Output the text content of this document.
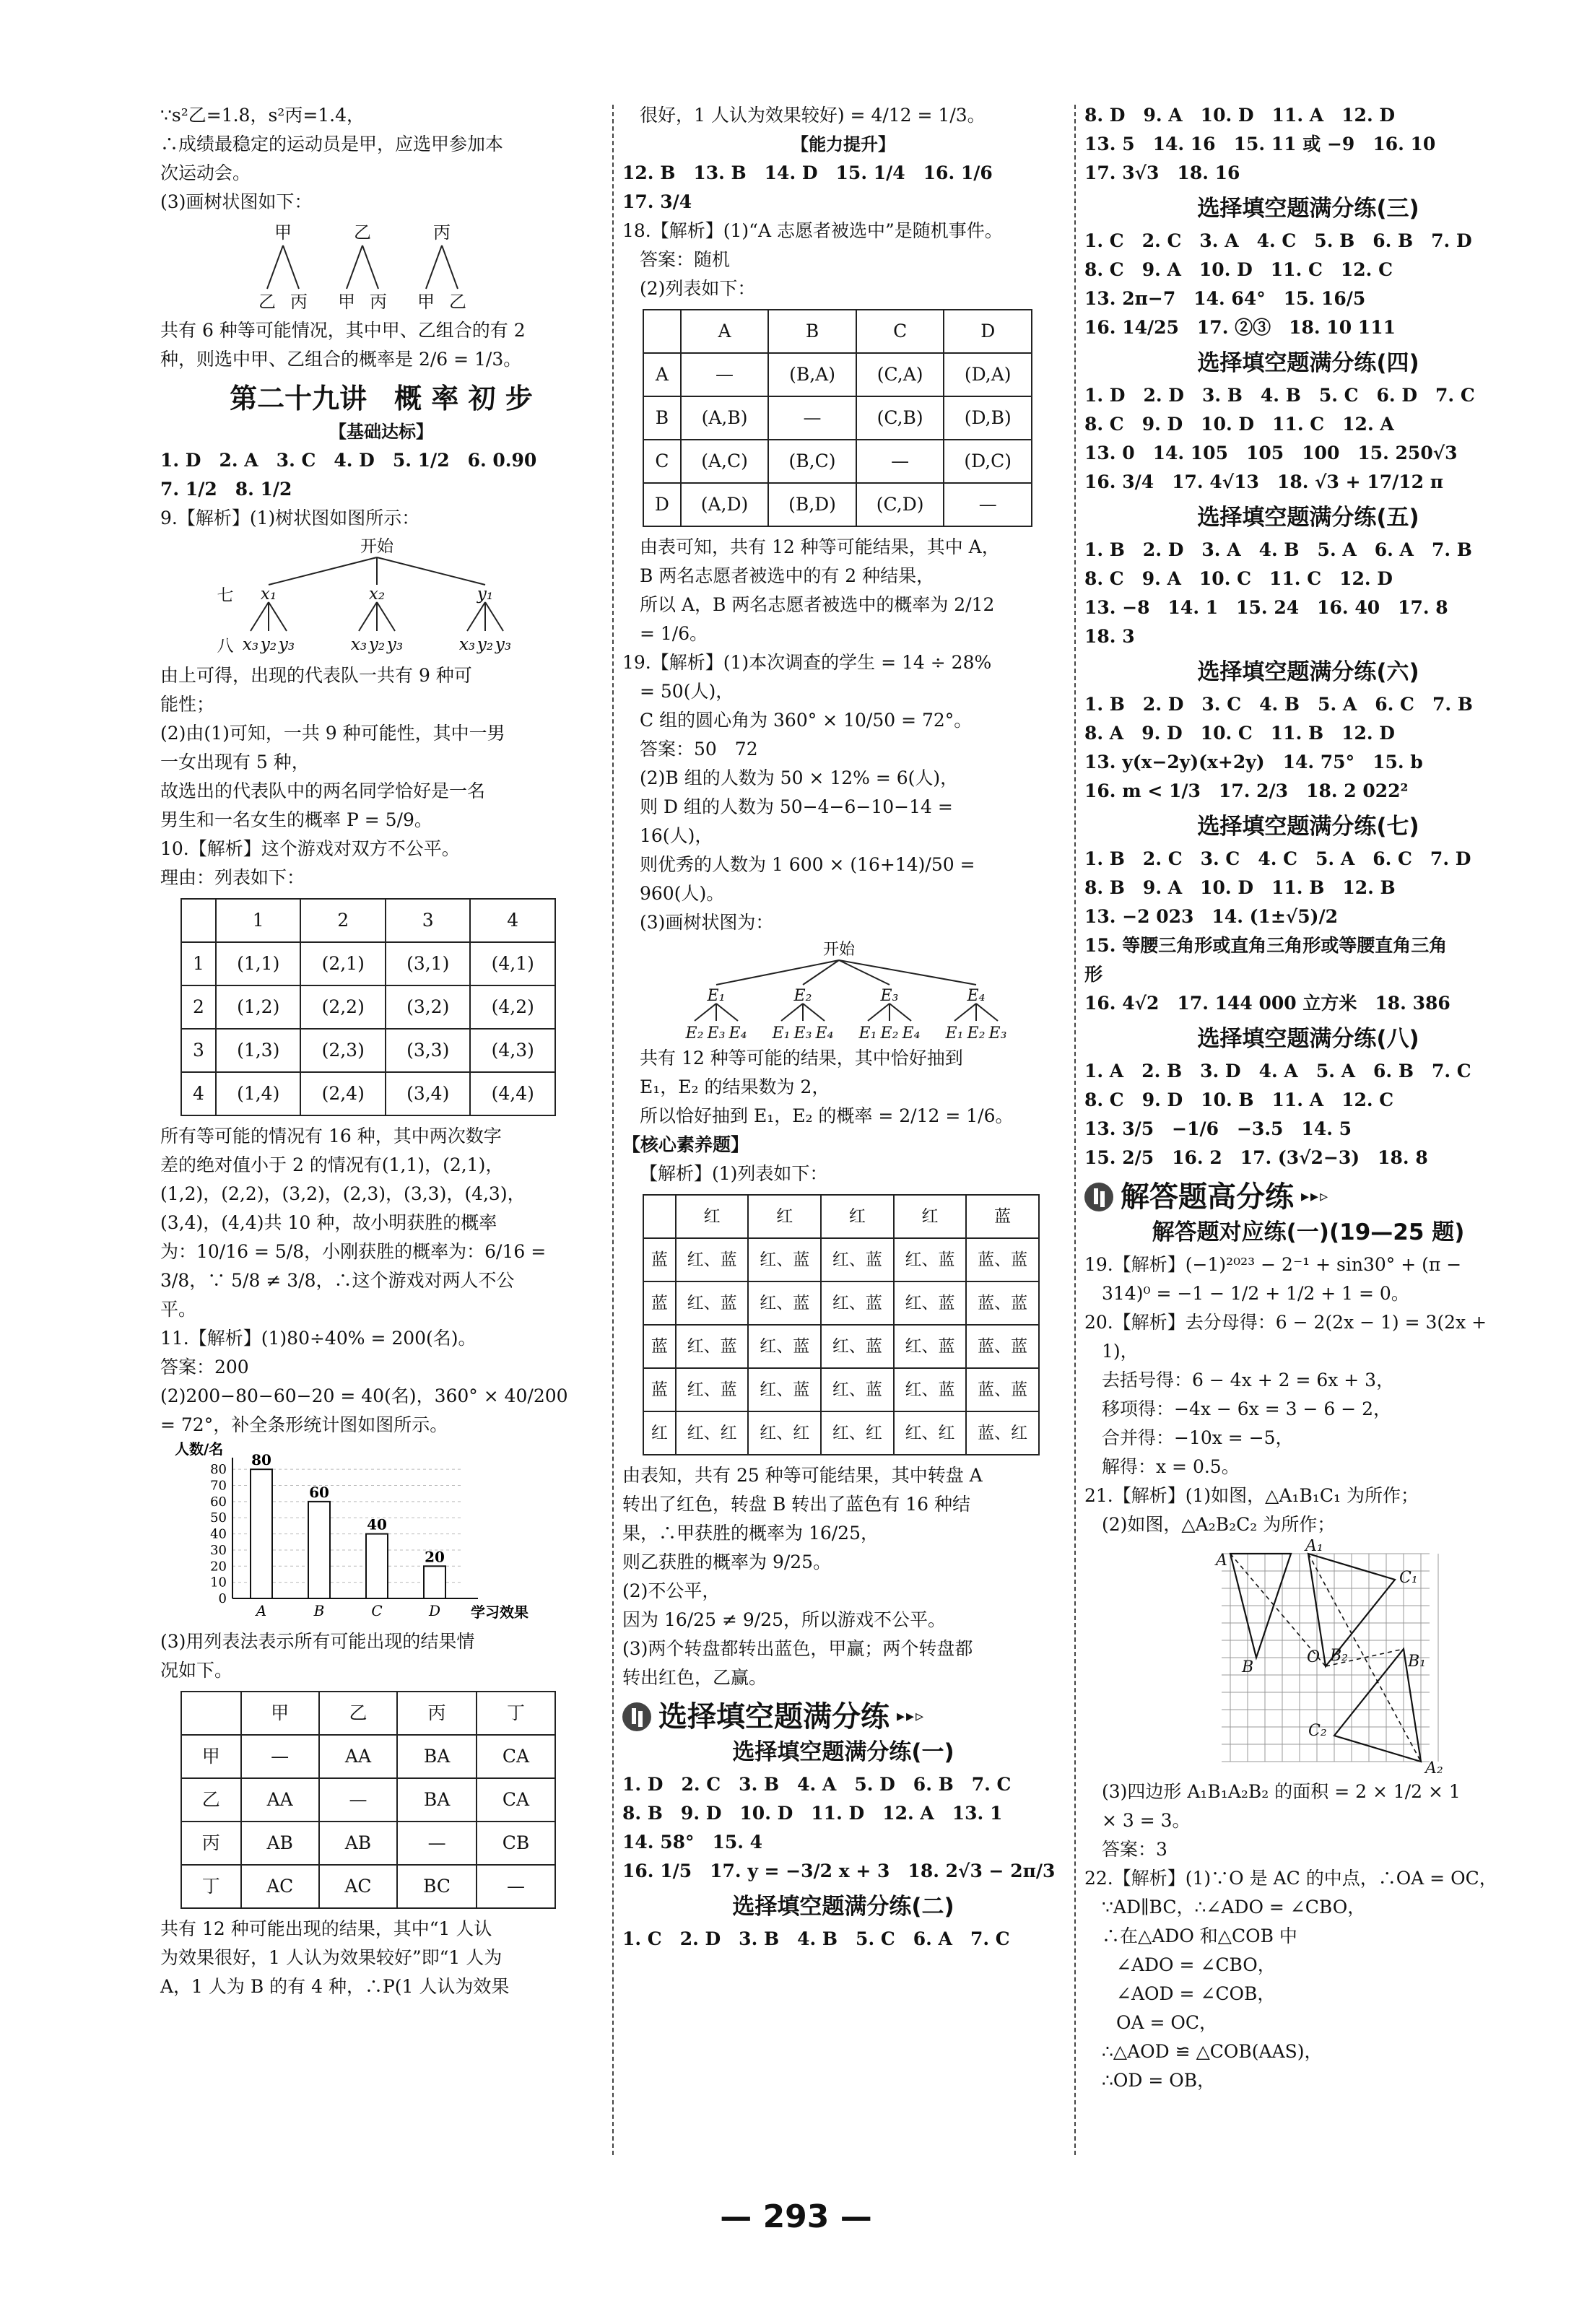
∵s²乙=1.8，s²丙=1.4，
∴成绩最稳定的运动员是甲，应选甲参加本
次运动会。
(3)画树状图如下：
甲	乙	丙
乙 丙 甲 丙 甲 乙
共有 6 种等可能情况，其中甲、乙组合的有 2
种，则选中甲、乙组合的概率是 2/6 = 1/3。
第二十九讲　概 率 初 步
【基础达标】
1. D　2. A　3. C　4. D　5. 1/2　6. 0.90
7. 1/2　8. 1/2
9.【解析】(1)树状图如图所示：
开始
七
八
x₁	x₂	y₁
x₃ y₂ y₃	x₃ y₂ y₃	x₃ y₂ y₃
由上可得，出现的代表队一共有 9 种可
能性；
(2)由(1)可知，一共 9 种可能性，其中一男
一女出现有 5 种，
故选出的代表队中的两名同学恰好是一名
男生和一名女生的概率 P = 5/9。
10.【解析】这个游戏对双方不公平。
理由：列表如下：
	1	2	3	4
1	(1,1)	(2,1)	(3,1)	(4,1)
2	(1,2)	(2,2)	(3,2)	(4,2)
3	(1,3)	(2,3)	(3,3)	(4,3)
4	(1,4)	(2,4)	(3,4)	(4,4)
所有等可能的情况有 16 种，其中两次数字
差的绝对值小于 2 的情况有(1,1)，(2,1)，
(1,2)，(2,2)，(3,2)，(2,3)，(3,3)，(4,3)，
(3,4)，(4,4)共 10 种，故小明获胜的概率
为：10/16 = 5/8，小刚获胜的概率为：6/16 =
3/8，∵ 5/8 ≠ 3/8，∴这个游戏对两人不公
平。
11.【解析】(1)80÷40% = 200(名)。
答案：200
(2)200−80−60−20 = 40(名)，360° × 40/200
= 72°，补全条形统计图如图所示。
人数/名
学习效果
0
10
20
30
40
50
60
70
80
80
A
60
B
40
C
20
D
(3)用列表法表示所有可能出现的结果情
况如下。
	甲	乙	丙	丁
甲	—	AA	BA	CA
乙	AA	—	BA	CA
丙	AB	AB	—	CB
丁	AC	AC	BC	—
共有 12 种可能出现的结果，其中“1 人认
为效果很好，1 人认为效果较好”即“1 人为
A，1 人为 B 的有 4 种，∴P(1 人认为效果
很好，1 人认为效果较好) = 4/12 = 1/3。
【能力提升】
12. B　13. B　14. D　15. 1/4　16. 1/6
17. 3/4
18.【解析】(1)“A 志愿者被选中”是随机事件。
答案：随机
(2)列表如下：
	A	B	C	D
A	—	(B,A)	(C,A)	(D,A)
B	(A,B)	—	(C,B)	(D,B)
C	(A,C)	(B,C)	—	(D,C)
D	(A,D)	(B,D)	(C,D)	—
由表可知，共有 12 种等可能结果，其中 A，
B 两名志愿者被选中的有 2 种结果，
所以 A，B 两名志愿者被选中的概率为 2/12
= 1/6。
19.【解析】(1)本次调查的学生 = 14 ÷ 28%
= 50(人)，
C 组的圆心角为 360° × 10/50 = 72°。
答案：50　72
(2)B 组的人数为 50 × 12% = 6(人)，
则 D 组的人数为 50−4−6−10−14 =
16(人)，
则优秀的人数为 1 600 × (16+14)/50 =
960(人)。
(3)画树状图为：
开始
E₁	E₂	E₃	E₄
E₂ E₃ E₄ E₁ E₃ E₄ E₁ E₂ E₄ E₁ E₂ E₃
共有 12 种等可能的结果，其中恰好抽到
E₁，E₂ 的结果数为 2，
所以恰好抽到 E₁，E₂ 的概率 = 2/12 = 1/6。
【核心素养题】
【解析】(1)列表如下：
	红	红	红	红	蓝
蓝	红、蓝	红、蓝	红、蓝	红、蓝	蓝、蓝
蓝	红、蓝	红、蓝	红、蓝	红、蓝	蓝、蓝
蓝	红、蓝	红、蓝	红、蓝	红、蓝	蓝、蓝
蓝	红、蓝	红、蓝	红、蓝	红、蓝	蓝、蓝
红	红、红	红、红	红、红	红、红	蓝、红
由表知，共有 25 种等可能结果，其中转盘 A
转出了红色，转盘 B 转出了蓝色有 16 种结
果，∴甲获胜的概率为 16/25，
则乙获胜的概率为 9/25。
(2)不公平，
因为 16/25 ≠ 9/25，所以游戏不公平。
(3)两个转盘都转出蓝色，甲赢；两个转盘都
转出红色，乙赢。
选择填空题满分练 ▸▸▹
选择填空题满分练(一)
1. D　2. C　3. B　4. A　5. D　6. B　7. C
8. B　9. D　10. D　11. D　12. A　13. 1
14. 58°　15. 4
16. 1/5　17. y = −3/2 x + 3　18. 2√3 − 2π/3
选择填空题满分练(二)
1. C　2. D　3. B　4. B　5. C　6. A　7. C
8. D　9. A　10. D　11. A　12. D
13. 5　14. 16　15. 11 或 −9　16. 10
17. 3√3　18. 16
选择填空题满分练(三)
1. C　2. C　3. A　4. C　5. B　6. B　7. D
8. C　9. A　10. D　11. C　12. C
13. 2π−7　14. 64°　15. 16/5
16. 14/25　17. ②③　18. 10 111
选择填空题满分练(四)
1. D　2. D　3. B　4. B　5. C　6. D　7. C
8. C　9. D　10. D　11. C　12. A
13. 0　14. 105　105　100　15. 250√3
16. 3/4　17. 4√13　18. √3 + 17/12 π
选择填空题满分练(五)
1. B　2. D　3. A　4. B　5. A　6. A　7. B
8. C　9. A　10. C　11. C　12. D
13. −8　14. 1　15. 24　16. 40　17. 8
18. 3
选择填空题满分练(六)
1. B　2. D　3. C　4. B　5. A　6. C　7. B
8. A　9. D　10. C　11. B　12. D
13. y(x−2y)(x+2y)　14. 75°　15. b
16. m < 1/3　17. 2/3　18. 2 022²
选择填空题满分练(七)
1. B　2. C　3. C　4. C　5. A　6. C　7. D
8. B　9. A　10. D　11. B　12. B
13. −2 023　14. (1±√5)/2
15. 等腰三角形或直角三角形或等腰直角三角
形
16. 4√2　17. 144 000 立方米　18. 386
选择填空题满分练(八)
1. A　2. B　3. D　4. A　5. A　6. B　7. C
8. C　9. D　10. B　11. A　12. C
13. 3/5　−1/6　−3.5　14. 5
15. 2/5　16. 2　17. (3√2−3)　18. 8
解答题高分练 ▸▸▹
解答题对应练(一)(19—25 题)
19.【解析】(−1)²⁰²³ − 2⁻¹ + sin30° + (π −
314)⁰ = −1 − 1/2 + 1/2 + 1 = 0。
20.【解析】去分母得：6 − 2(2x − 1) = 3(2x +
1)，
去括号得：6 − 4x + 2 = 6x + 3，
移项得：−4x − 6x = 3 − 6 − 2，
合并得：−10x = −5，
解得：x = 0.5。
21.【解析】(1)如图，△A₁B₁C₁ 为所作；
(2)如图，△A₂B₂C₂ 为所作；
A
A₁
C₁
O B₂
B	B₁
C₂
A₂
(3)四边形 A₁B₁A₂B₂ 的面积 = 2 × 1/2 × 1
× 3 = 3。
答案：3
22.【解析】(1)∵O 是 AC 的中点，∴OA = OC，
∵AD∥BC，∴∠ADO = ∠CBO，
∴在△ADO 和△COB 中
∠ADO = ∠CBO，
∠AOD = ∠COB，
OA = OC，
∴△AOD ≌ △COB(AAS)，
∴OD = OB，
— 293 —
